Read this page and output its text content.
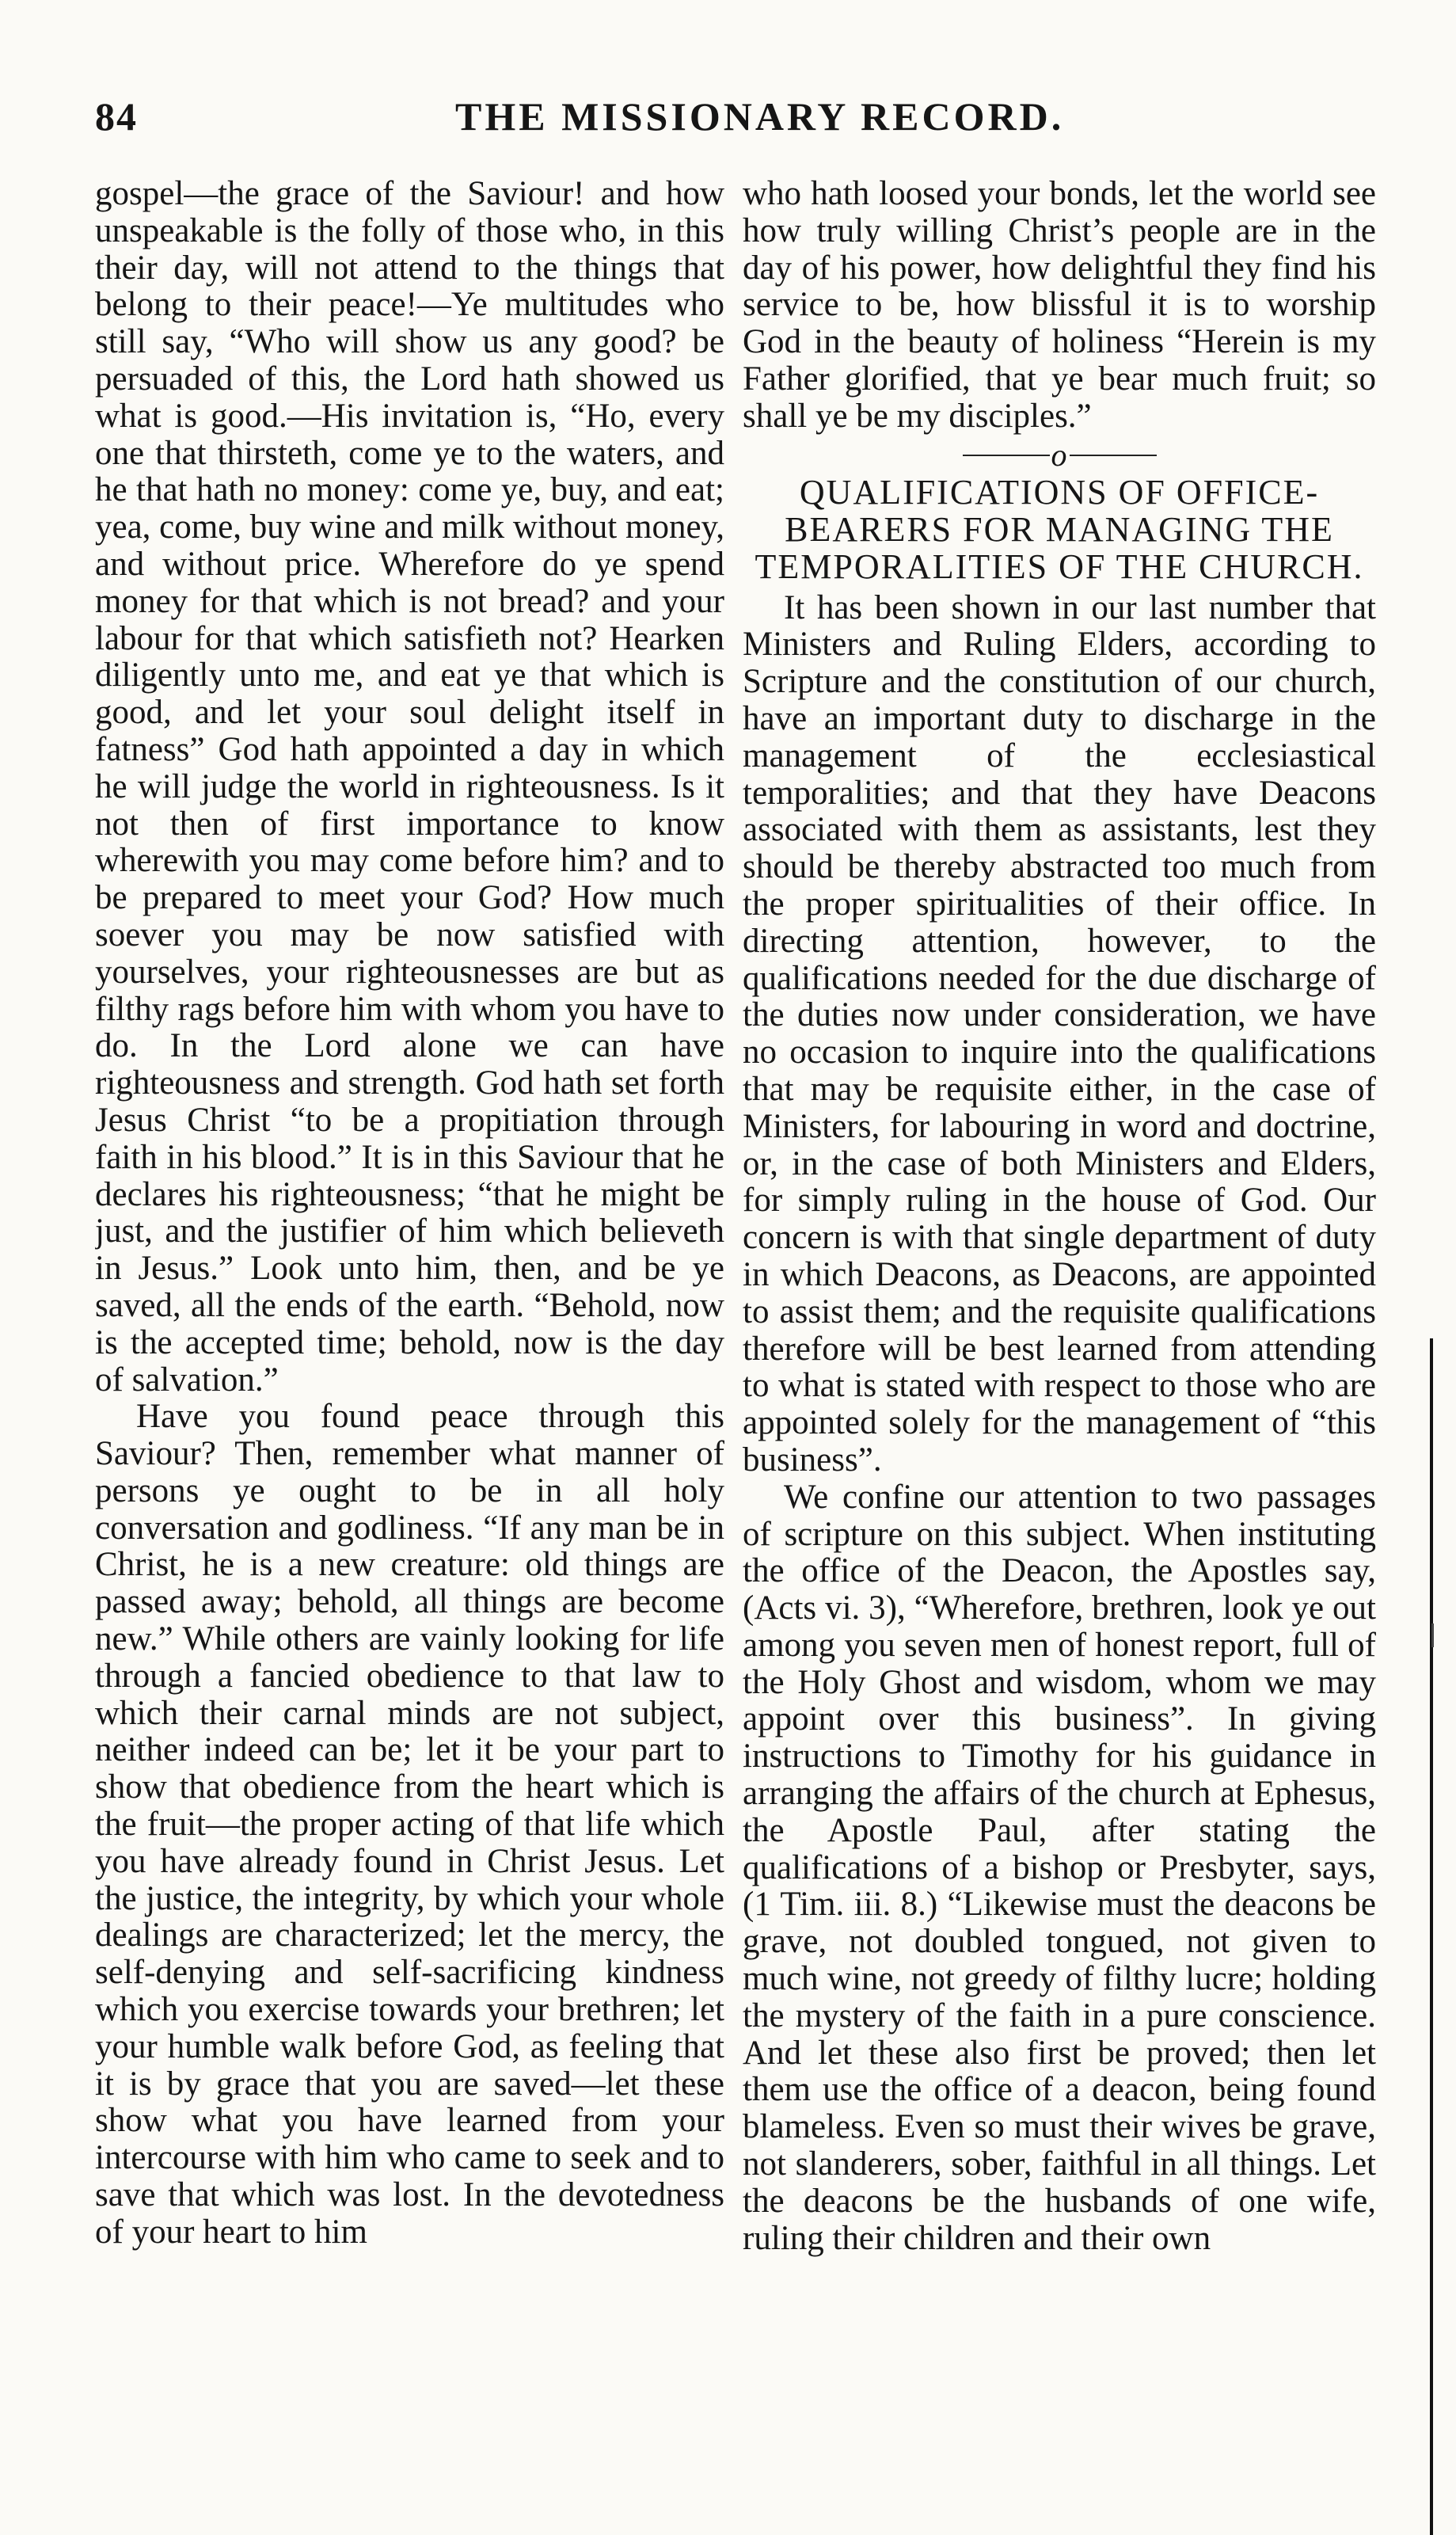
84	THE MISSIONARY RECORD.

gospel—the grace of the Saviour! and how unspeakable is the folly of those who, in this their day, will not attend to the things that belong to their peace!—Ye multitudes who still say, “Who will show us any good? be persuaded of this, the Lord hath showed us what is good.—His invitation is, “Ho, every one that thirsteth, come ye to the waters, and he that hath no money: come ye, buy, and eat; yea, come, buy wine and milk without money, and without price. Wherefore do ye spend money for that which is not bread? and your labour for that which satisfieth not? Hearken diligently unto me, and eat ye that which is good, and let your soul delight itself in fatness” God hath appointed a day in which he will judge the world in righteousness. Is it not then of first importance to know wherewith you may come before him? and to be prepared to meet your God? How much soever you may be now satisfied with yourselves, your righteousnesses are but as filthy rags before him with whom you have to do. In the Lord alone we can have righteousness and strength. God hath set forth Jesus Christ “to be a propitiation through faith in his blood.” It is in this Saviour that he declares his righteousness; “that he might be just, and the justifier of him which believeth in Jesus.” Look unto him, then, and be ye saved, all the ends of the earth. “Behold, now is the accepted time; behold, now is the day of salvation.”

Have you found peace through this Saviour? Then, remember what manner of persons ye ought to be in all holy conversation and godliness. “If any man be in Christ, he is a new creature: old things are passed away; behold, all things are become new.” While others are vainly looking for life through a fancied obedience to that law to which their carnal minds are not subject, neither indeed can be; let it be your part to show that obedience from the heart which is the fruit—the proper acting of that life which you have already found in Christ Jesus. Let the justice, the integrity, by which your whole dealings are characterized; let the mercy, the self-denying and self-sacrificing kindness which you exercise towards your brethren; let your humble walk before God, as feeling that it is by grace that you are saved—let these show what you have learned from your intercourse with him who came to seek and to save that which was lost. In the devotedness of your heart to him

who hath loosed your bonds, let the world see how truly willing Christ’s people are in the day of his power, how delightful they find his service to be, how blissful it is to worship God in the beauty of holiness “Herein is my Father glorified, that ye bear much fruit; so shall ye be my disciples.”

o
QUALIFICATIONS OF OFFICE-BEARERS FOR MANAGING THE TEMPORALITIES OF THE CHURCH.

It has been shown in our last number that Ministers and Ruling Elders, according to Scripture and the constitution of our church, have an important duty to discharge in the management of the ecclesiastical temporalities; and that they have Deacons associated with them as assistants, lest they should be thereby abstracted too much from the proper spiritualities of their office. In directing attention, however, to the qualifications needed for the due discharge of the duties now under consideration, we have no occasion to inquire into the qualifications that may be requisite either, in the case of Ministers, for labouring in word and doctrine, or, in the case of both Ministers and Elders, for simply ruling in the house of God. Our concern is with that single department of duty in which Deacons, as Deacons, are appointed to assist them; and the requisite qualifications therefore will be best learned from attending to what is stated with respect to those who are appointed solely for the management of “this business”.

We confine our attention to two passages of scripture on this subject. When instituting the office of the Deacon, the Apostles say, (Acts vi. 3), “Wherefore, brethren, look ye out among you seven men of honest report, full of the Holy Ghost and wisdom, whom we may appoint over this business”. In giving instructions to Timothy for his guidance in arranging the affairs of the church at Ephesus, the Apostle Paul, after stating the qualifications of a bishop or Presbyter, says, (1 Tim. iii. 8.) “Likewise must the deacons be grave, not doubled tongued, not given to much wine, not greedy of filthy lucre; holding the mystery of the faith in a pure conscience. And let these also first be proved; then let them use the office of a deacon, being found blameless. Even so must their wives be grave, not slanderers, sober, faithful in all things. Let the deacons be the husbands of one wife, ruling their children and their own
